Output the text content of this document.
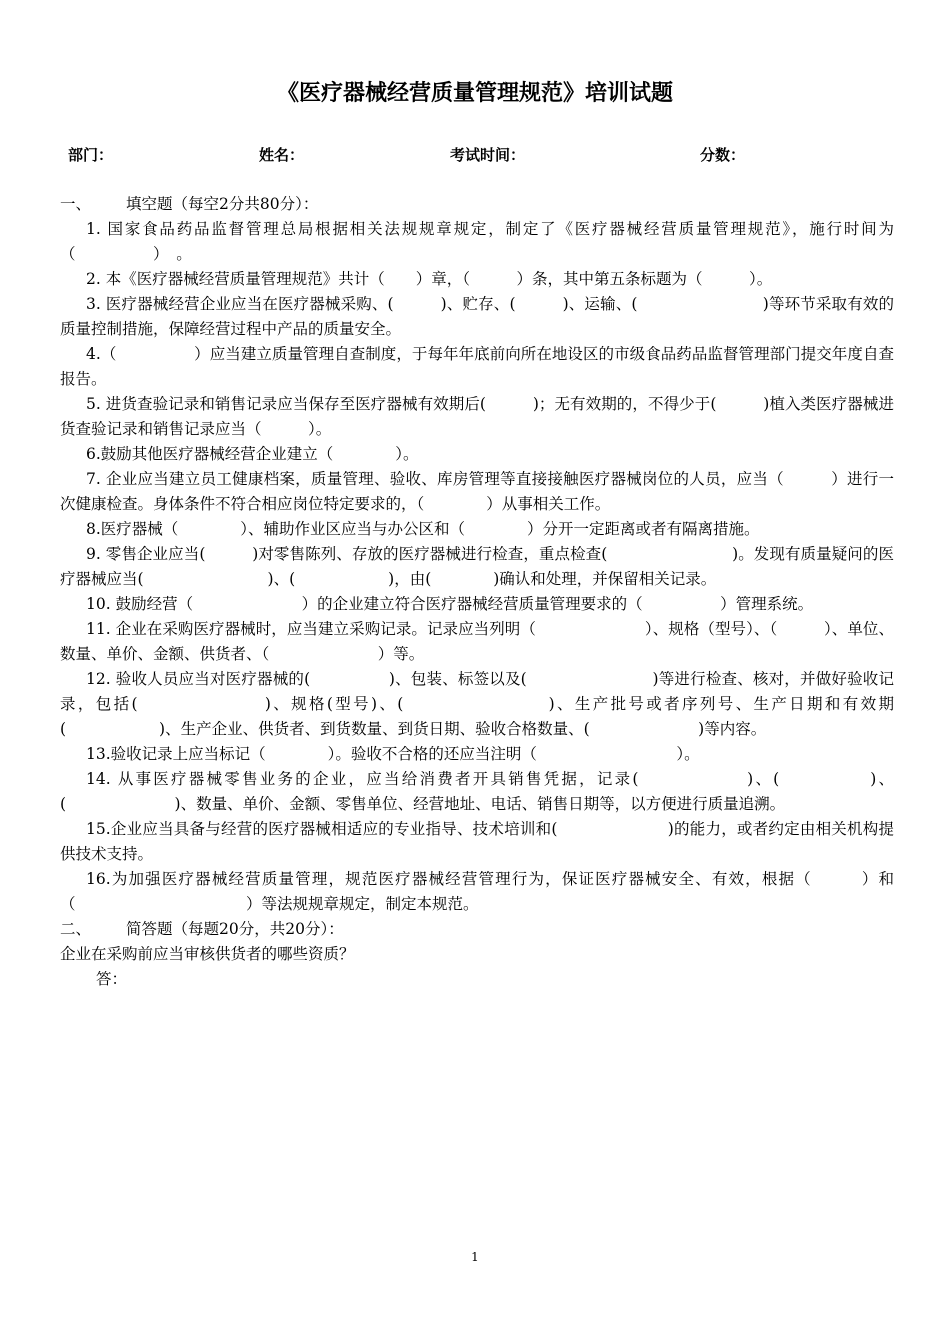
《医疗器械经营质量管理规范》培训试题
部门：	姓名：	考试时间：	分数：

一、 填空题（每空2分共80分）：

1. 国家食品药品监督管理总局根据相关法规规章规定，制定了《医疗器械经营质量管理规范》，施行时间为（　　　　　）　。

2. 本《医疗器械经营质量管理规范》共计（　　）章，（　　　）条，其中第五条标题为（　　　）。

3. 医疗器械经营企业应当在医疗器械采购、(　　　)、贮存、(　　　)、运输、(　　　　　　　　)等环节采取有效的质量控制措施，保障经营过程中产品的质量安全。

4.（　　　　　）应当建立质量管理自查制度，于每年年底前向所在地设区的市级食品药品监督管理部门提交年度自查报告。

5. 进货查验记录和销售记录应当保存至医疗器械有效期后(　　　)；无有效期的，不得少于(　　　)植入类医疗器械进货查验记录和销售记录应当（　　　）。

6.鼓励其他医疗器械经营企业建立（　　　　）。

7. 企业应当建立员工健康档案，质量管理、验收、库房管理等直接接触医疗器械岗位的人员，应当（　　　）进行一次健康检查。身体条件不符合相应岗位特定要求的，（　　　　）从事相关工作。

8.医疗器械（　　　　）、辅助作业区应当与办公区和（　　　　）分开一定距离或者有隔离措施。

9. 零售企业应当(　　　)对零售陈列、存放的医疗器械进行检查，重点检查(　　　　　　　　)。发现有质量疑问的医疗器械应当(　　　　　　　　)、(　　　　　　)，由(　　　　)确认和处理，并保留相关记录。

10. 鼓励经营（　　　　　　　）的企业建立符合医疗器械经营质量管理要求的（　　　　　）管理系统。

11. 企业在采购医疗器械时，应当建立采购记录。记录应当列明（　　　　　　　）、规格（型号）、（　　　）、单位、数量、单价、金额、供货者、（　　　　　　　）等。

12. 验收人员应当对医疗器械的(　　　　　)、包装、标签以及(　　　　　　　　)等进行检查、核对，并做好验收记录，包括(　　　　　　　)、规格(型号)、(　　　　　　　　)、生产批号或者序列号、生产日期和有效期(　　　　　　)、生产企业、供货者、到货数量、到货日期、验收合格数量、(　　　　　　　)等内容。

13.验收记录上应当标记（　　　　）。验收不合格的还应当注明（　　　　　　　　　）。

14. 从事医疗器械零售业务的企业，应当给消费者开具销售凭据，记录(　　　　　　)、(　　　　　)、(　　　　　　　)、数量、单价、金额、零售单位、经营地址、电话、销售日期等，以方便进行质量追溯。

15.企业应当具备与经营的医疗器械相适应的专业指导、技术培训和(　　　　　　　)的能力，或者约定由相关机构提供技术支持。

16.为加强医疗器械经营质量管理，规范医疗器械经营管理行为，保证医疗器械安全、有效，根据（　　　）和（　　　　　　　　　　　）等法规规章规定，制定本规范。

二、 简答题（每题20分，共20分）：

企业在采购前应当审核供货者的哪些资质？

答：

1
